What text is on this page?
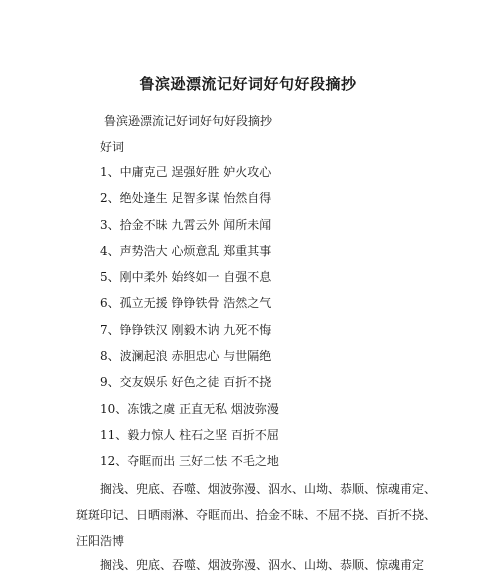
鲁滨逊漂流记好词好句好段摘抄
鲁滨逊漂流记好词好句好段摘抄
好词
1、中庸克己 逞强好胜 妒火攻心
2、绝处逢生 足智多谋 怡然自得
3、拾金不昧 九霄云外 闻所未闻
4、声势浩大 心烦意乱 郑重其事
5、刚中柔外 始终如一 自强不息
6、孤立无援 铮铮铁骨 浩然之气
7、铮铮铁汉 刚毅木讷 九死不悔
8、波澜起浪 赤胆忠心 与世隔绝
9、交友娱乐 好色之徒 百折不挠
10、冻饿之虞 正直无私 烟波弥漫
11、毅力惊人 柱石之坚 百折不屈
12、夺眶而出 三好二怯 不毛之地

搁浅、兜底、吞噬、烟波弥漫、泅水、山坳、恭顺、惊魂甫定、斑斑印记、日晒雨淋、夺眶而出、拾金不昧、不屈不挠、百折不挠、汪阳浩博

搁浅、兜底、吞噬、烟波弥漫、泅水、山坳、恭顺、惊魂甫定
